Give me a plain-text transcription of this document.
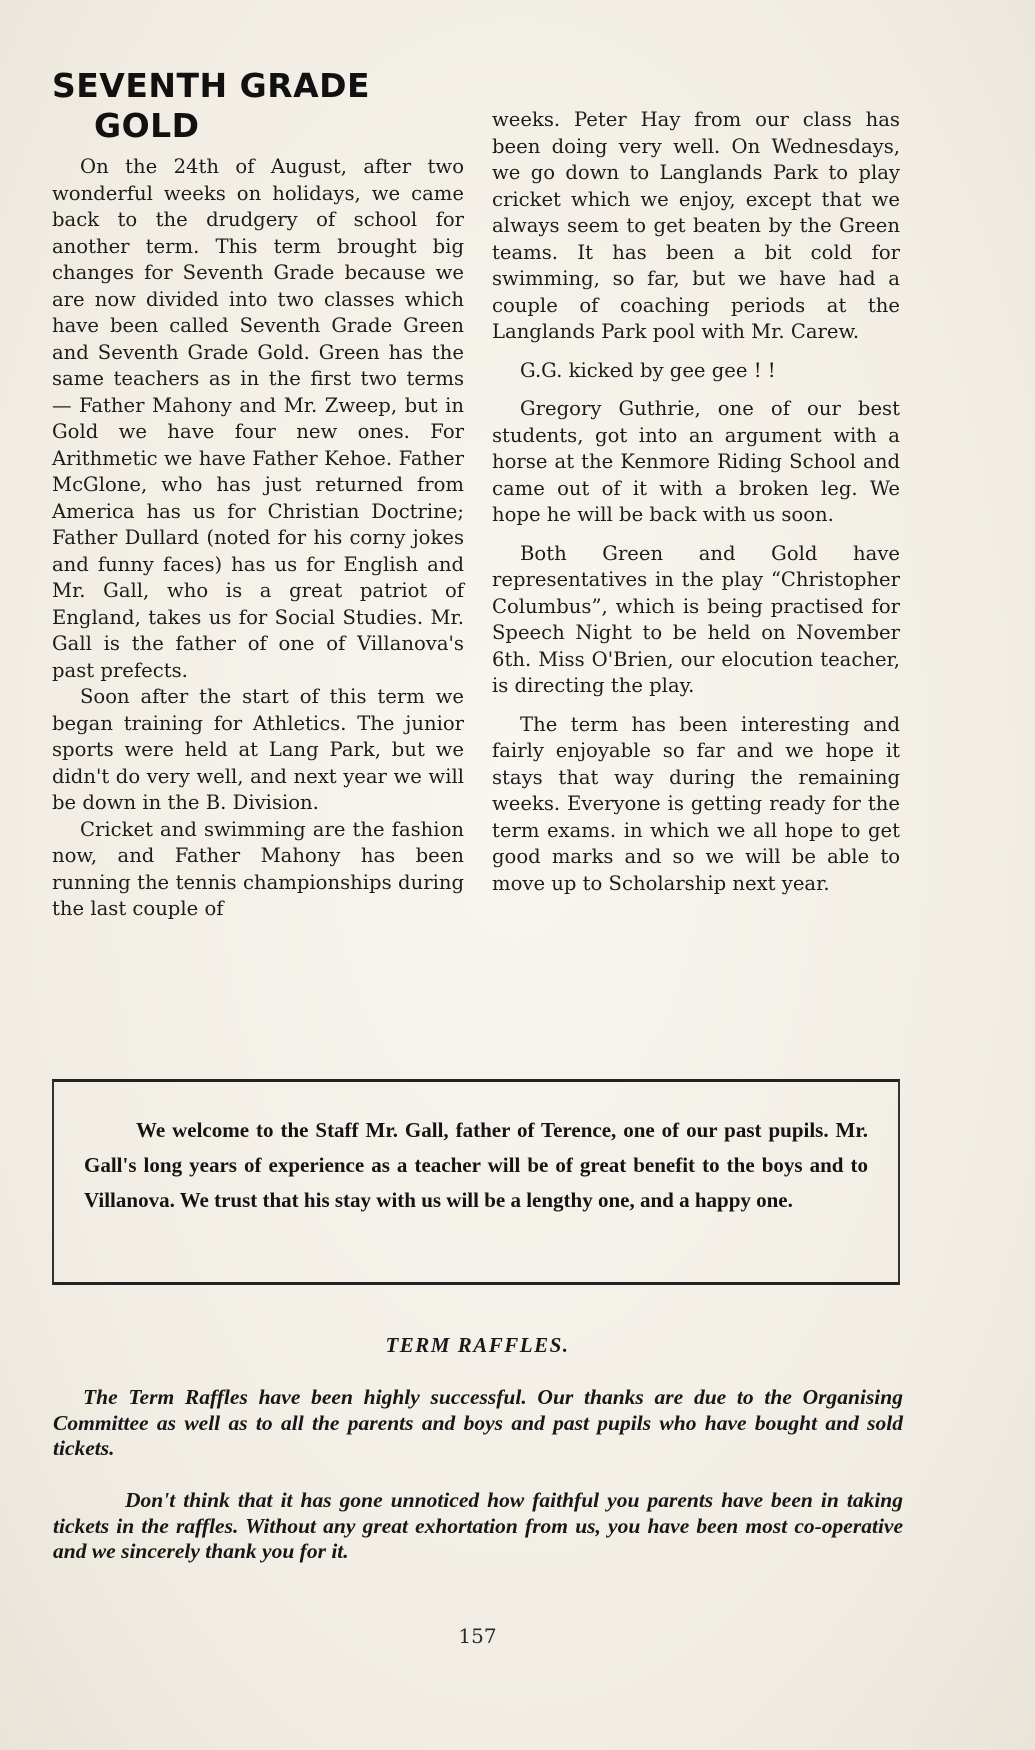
SEVENTH GRADE
GOLD

On the 24th of August, after two wonderful weeks on holidays, we came back to the drudgery of school for another term. This term brought big changes for Seventh Grade because we are now divided into two classes which have been called Seventh Grade Green and Seventh Grade Gold. Green has the same teachers as in the first two terms — Father Mahony and Mr. Zweep, but in Gold we have four new ones. For Arithmetic we have Father Kehoe. Father McGlone, who has just returned from America has us for Christian Doctrine; Father Dullard (noted for his corny jokes and funny faces) has us for English and Mr. Gall, who is a great patriot of England, takes us for Social Studies. Mr. Gall is the father of one of Villanova's past prefects.

Soon after the start of this term we began training for Athletics. The junior sports were held at Lang Park, but we didn't do very well, and next year we will be down in the B. Division.

Cricket and swimming are the fashion now, and Father Mahony has been running the tennis championships during the last couple of

weeks. Peter Hay from our class has been doing very well. On Wednesdays, we go down to Langlands Park to play cricket which we enjoy, except that we always seem to get beaten by the Green teams. It has been a bit cold for swimming, so far, but we have had a couple of coaching periods at the Langlands Park pool with Mr. Carew.

G.G. kicked by gee gee ! !

Gregory Guthrie, one of our best students, got into an argument with a horse at the Kenmore Riding School and came out of it with a broken leg. We hope he will be back with us soon.

Both Green and Gold have representatives in the play “Christopher Columbus”, which is being practised for Speech Night to be held on November 6th. Miss O'Brien, our elocution teacher, is directing the play.

The term has been interesting and fairly enjoyable so far and we hope it stays that way during the remaining weeks. Everyone is getting ready for the term exams. in which we all hope to get good marks and so we will be able to move up to Scholarship next year.

We welcome to the Staff Mr. Gall, father of Terence, one of our past pupils. Mr. Gall's long years of experience as a teacher will be of great benefit to the boys and to Villanova. We trust that his stay with us will be a lengthy one, and a happy one.

TERM RAFFLES.

The Term Raffles have been highly successful. Our thanks are due to the Organising Committee as well as to all the parents and boys and past pupils who have bought and sold tickets.

Don't think that it has gone unnoticed how faithful you parents have been in taking tickets in the raffles. Without any great exhortation from us, you have been most co-operative and we sincerely thank you for it.

157
